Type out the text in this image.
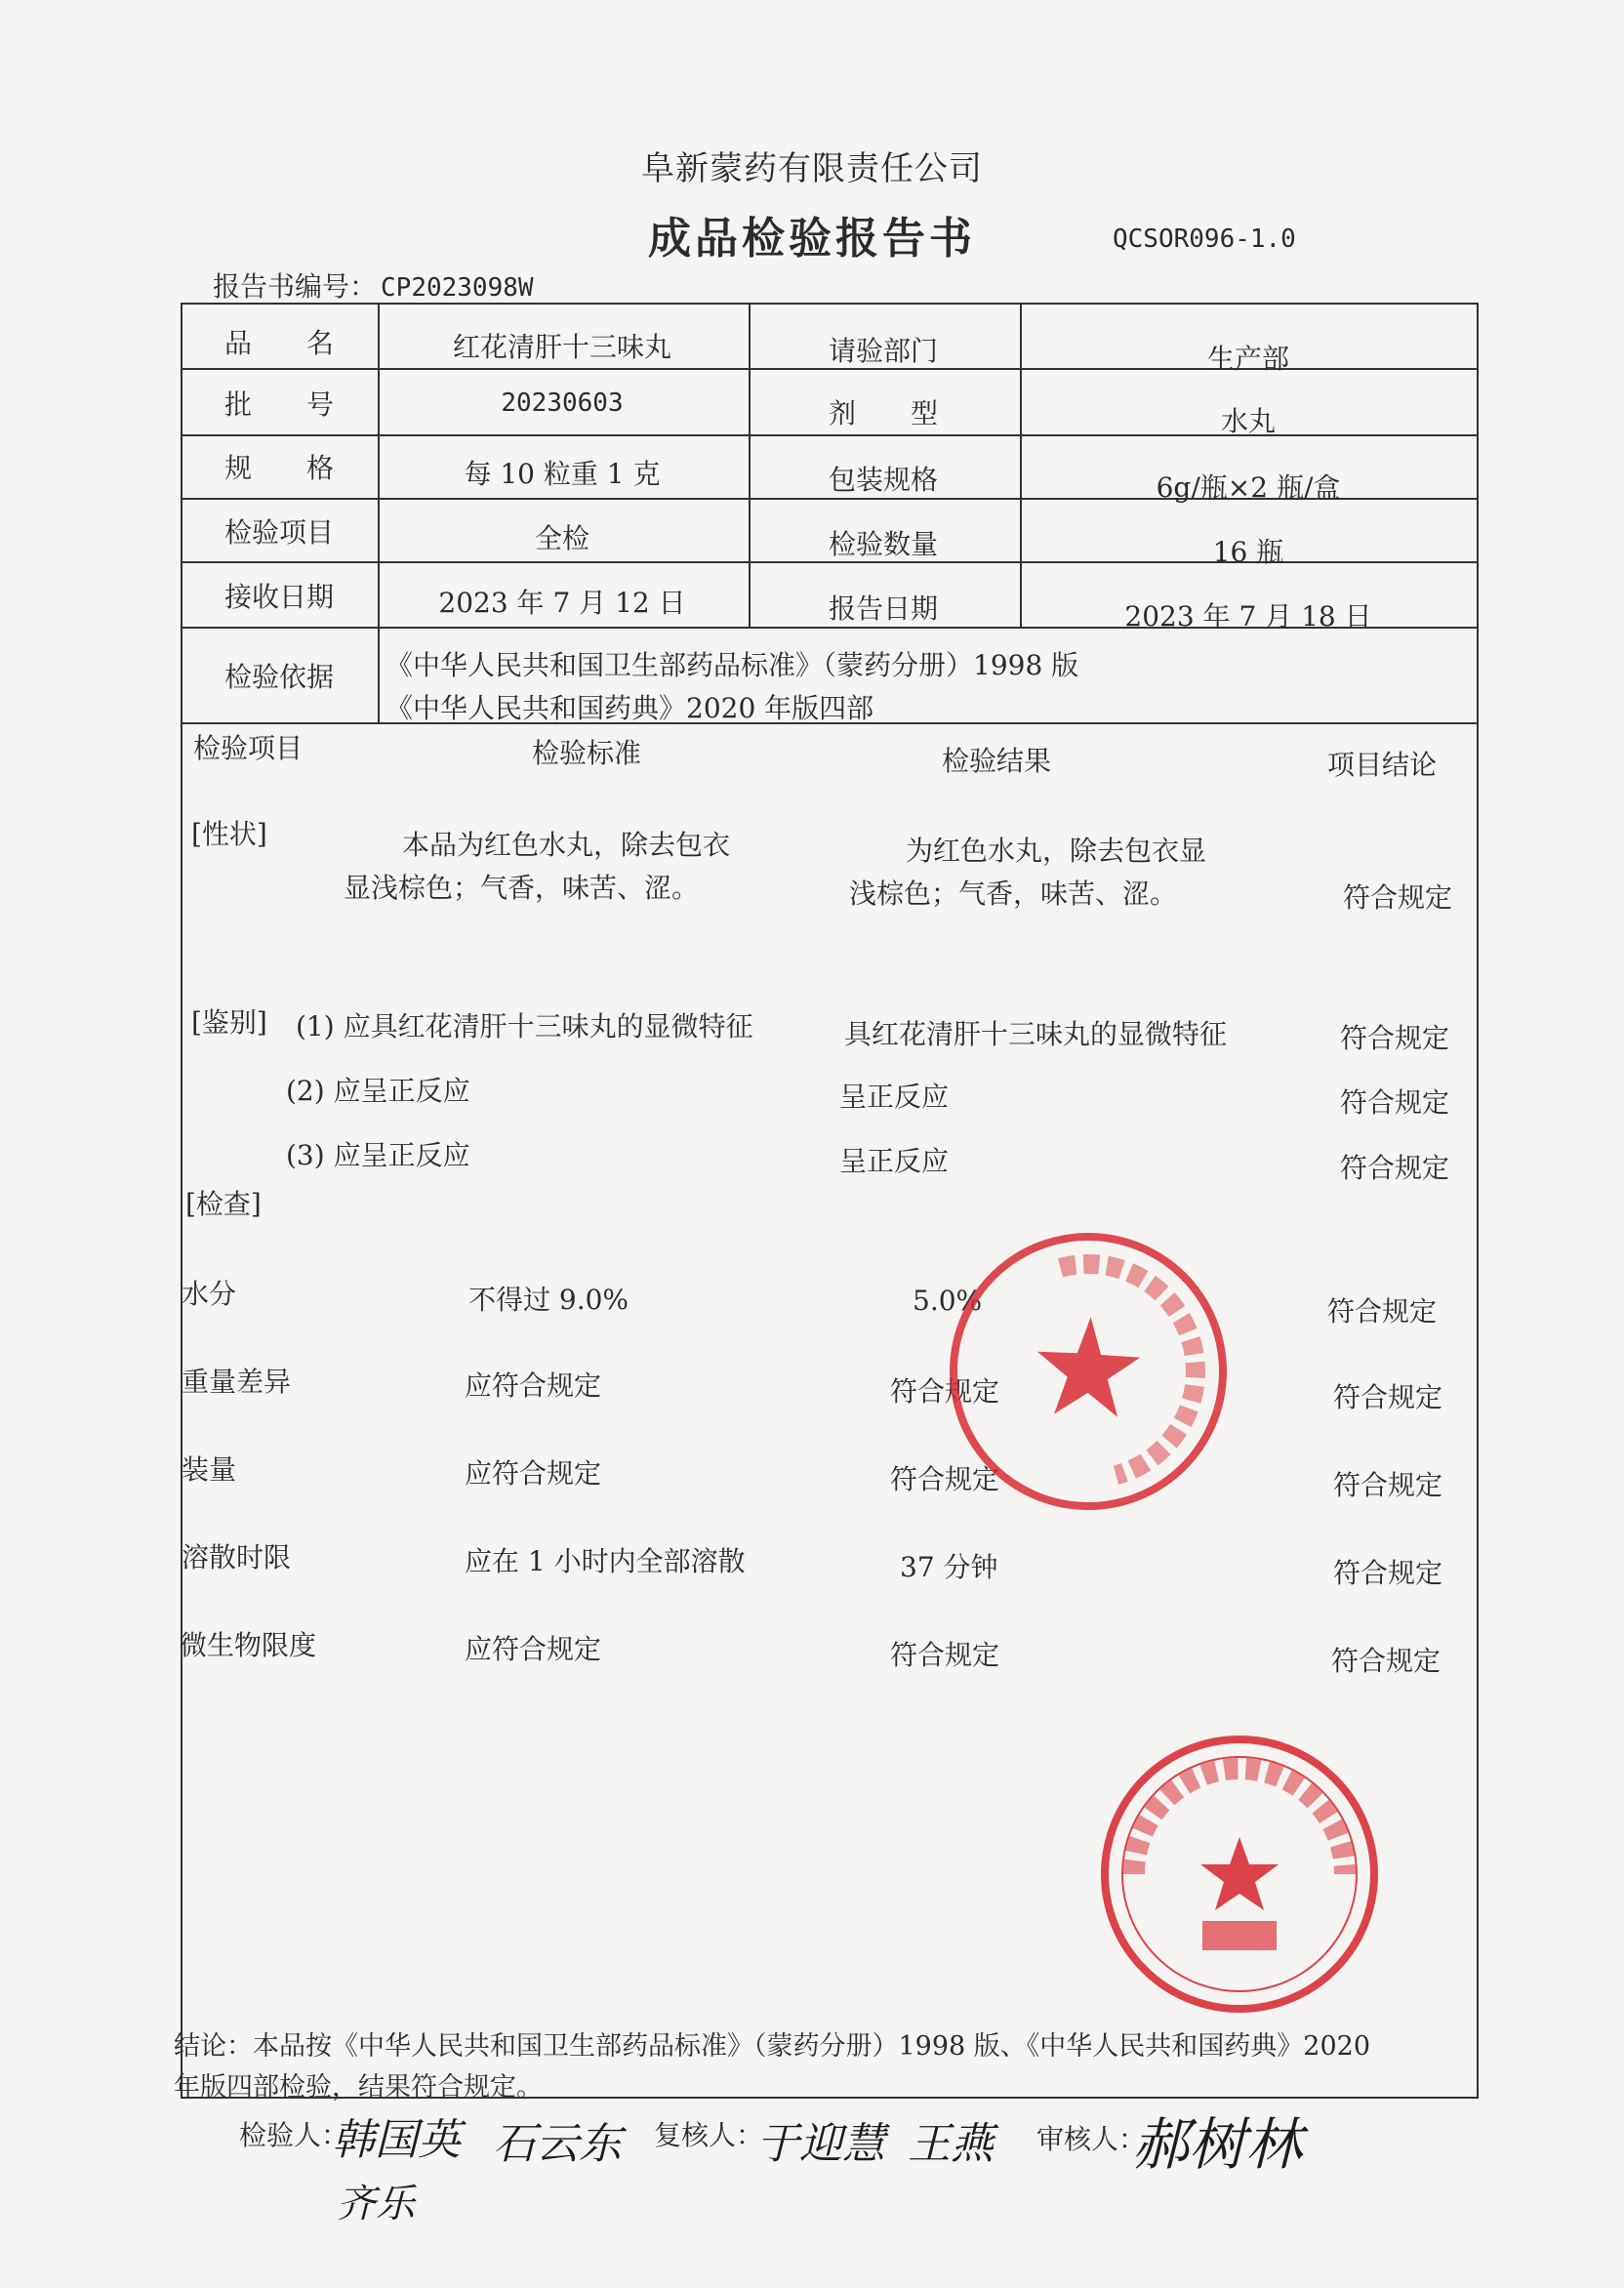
阜新蒙药有限责任公司
成品检验报告书	QCSOR096-1.0
报告书编号： CP2023098W
品　　名	红花清肝十三味丸	请验部门	生产部
批　　号	20230603	剂　　型	水丸
规　　格	每 10 粒重 1 克	包装规格	6g/瓶×2 瓶/盒
检验项目	全检	检验数量	16 瓶
接收日期	2023 年 7 月 12 日	报告日期	2023 年 7 月 18 日
检验依据	《中华人民共和国卫生部药品标准》（蒙药分册）1998 版
《中华人民共和国药典》2020 年版四部
检验项目	检验标准	检验结果	项目结论
[性状]	本品为红色水丸，除去包衣
显浅棕色；气香，味苦、涩。
为红色水丸，除去包衣显
浅棕色；气香，味苦、涩。	符合规定
[鉴别] (1) 应具红花清肝十三味丸的显微特征	具红花清肝十三味丸的显微特征	符合规定
(2) 应呈正反应	呈正反应	符合规定
(3) 应呈正反应	呈正反应	符合规定
[检查]
水分	不得过 9.0%	5.0%	符合规定
重量差异	应符合规定	符合规定	符合规定
装量	应符合规定	符合规定	符合规定
溶散时限	应在 1 小时内全部溶散	37 分钟	符合规定
微生物限度	应符合规定	符合规定	符合规定
结论：本品按《中华人民共和国卫生部药品标准》（蒙药分册）1998 版、《中华人民共和国药典》2020
年版四部检验，结果符合规定。
检验人：
韩国英 石云东
齐乐
复核人：
于迎慧 王燕 审核人：
郝树林
